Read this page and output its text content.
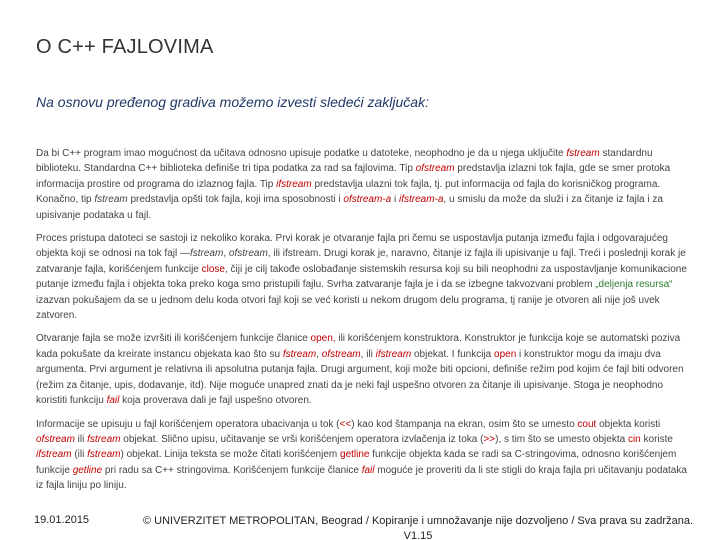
O C++ FAJLOVIMA
Na osnovu pređenog gradiva možemo izvesti sledeći zaključak:

Da bi C++ program imao mogućnost da učitava odnosno upisuje podatke u datoteke, neophodno je da u njega uključite fstream standardnu biblioteku. Standardna C++ biblioteka definiše tri tipa podatka za rad sa fajlovima. Tip ofstream predstavlja izlazni tok fajla, gde se smer protoka informacija prostire od programa do izlaznog fajla. Tip ifstream predstavlja ulazni tok fajla, tj. put informacija od fajla do korisničkog programa. Konačno, tip fstream predstavlja opšti tok fajla, koji ima sposobnosti i ofstream-a i ifstream-a, u smislu da može da služi i za čitanje iz fajla i za upisivanje podataka u fajl.

Proces pristupa datoteci se sastoji iz nekoliko koraka. Prvi korak je otvaranje fajla pri čemu se uspostavlja putanja između fajla i odgovarajućeg objekta koji se odnosi na tok fajl —fstream, ofstream, ili ifstream. Drugi korak je, naravno, čitanje iz fajla ili upisivanje u fajl. Treći i poslednji korak je zatvaranje fajla, korišćenjem funkcije close, čiji je cilj takođe oslobađanje sistemskih resursa koji su bili neophodni za uspostavljanje komunikacione putanje između fajla i objekta toka preko koga smo pristupili fajlu. Svrha zatvaranje fajla je i da se izbegne takvozvani problem „deljenja resursa“ izazvan pokušajem da se u jednom delu koda otvori fajl koji se već koristi u nekom drugom delu programa, tj ranije je otvoren ali nije još uvek zatvoren.

Otvaranje fajla se može izvršiti ili korišćenjem funkcije članice open, ili korišćenjem konstruktora. Konstruktor je funkcija koje se automatski poziva kada pokušate da kreirate instancu objekata kao što su fstream, ofstream, ili ifstream objekat. I funkcija open i konstruktor mogu da imaju dva argumenta. Prvi argument je relativna ili apsolutna putanja fajla. Drugi argument, koji može biti opcioni, definiše režim pod kojim će fajl biti odvoren (režim za čitanje, upis, dodavanje, itd). Nije moguće unapred znati da je neki fajl uspešno otvoren za čitanje ili upisivanje. Stoga je neophodno koristiti funkciju fail koja proverava dali je fajl uspešno otvoren.

Informacije se upisuju u fajl korišćenjem operatora ubacivanja u tok (<<) kao kod štampanja na ekran, osim što se umesto cout objekta koristi ofstream ili fstream objekat. Slično upisu, učitavanje se vrši korišćenjem operatora izvlačenja iz toka (>>), s tim što se umesto objekta cin koriste ifstream (ili fstream) objekat. Linija teksta se može čitati korišćenjem getline funkcije objekta kada se radi sa C-stringovima, odnosno korišćenjem funkcije getline pri radu sa C++ stringovima. Korišćenjem funkcije članice fail moguće je proveriti da li ste stigli do kraja fajla pri učitavanju podataka iz fajla liniju po liniju.

19.01.2015	© UNIVERZITET METROPOLITAN, Beograd / Kopiranje i umnožavanje nije dozvoljeno / Sva prava su zadržana. V1.15
